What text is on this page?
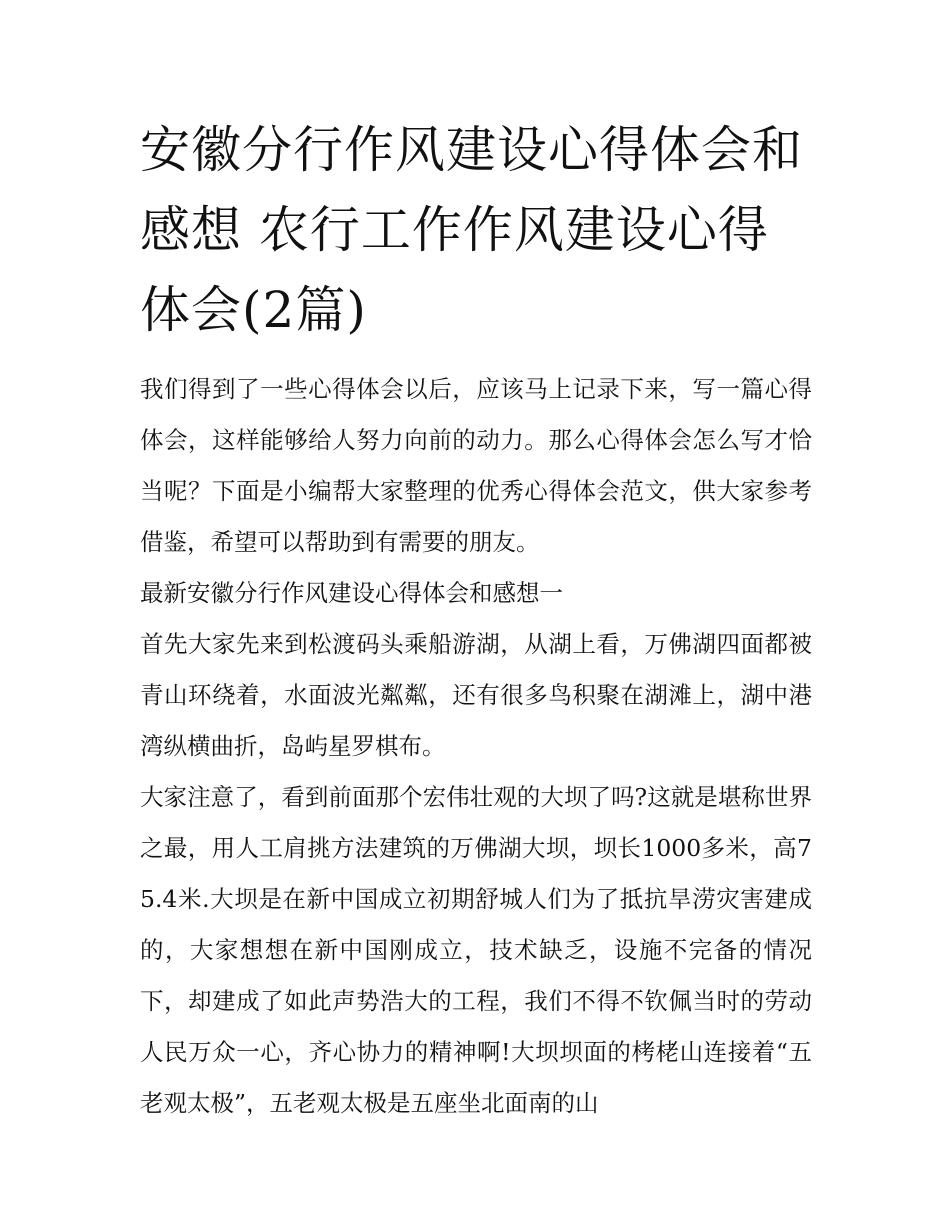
安徽分行作风建设心得体会和感想 农行工作作风建设心得体会(2篇)

我们得到了一些心得体会以后，应该马上记录下来，写一篇心得体会，这样能够给人努力向前的动力。那么心得体会怎么写才恰当呢？下面是小编帮大家整理的优秀心得体会范文，供大家参考借鉴，希望可以帮助到有需要的朋友。

最新安徽分行作风建设心得体会和感想一

首先大家先来到松渡码头乘船游湖，从湖上看，万佛湖四面都被青山环绕着，水面波光粼粼，还有很多鸟积聚在湖滩上，湖中港湾纵横曲折，岛屿星罗棋布。

大家注意了，看到前面那个宏伟壮观的大坝了吗?这就是堪称世界之最，用人工肩挑方法建筑的万佛湖大坝，坝长1000多米，高75.4米.大坝是在新中国成立初期舒城人们为了抵抗旱涝灾害建成的，大家想想在新中国刚成立，技术缺乏，设施不完备的情况下，却建成了如此声势浩大的工程，我们不得不钦佩当时的劳动人民万众一心，齐心协力的精神啊!大坝坝面的栲栳山连接着“五老观太极”，五老观太极是五座坐北面南的山
